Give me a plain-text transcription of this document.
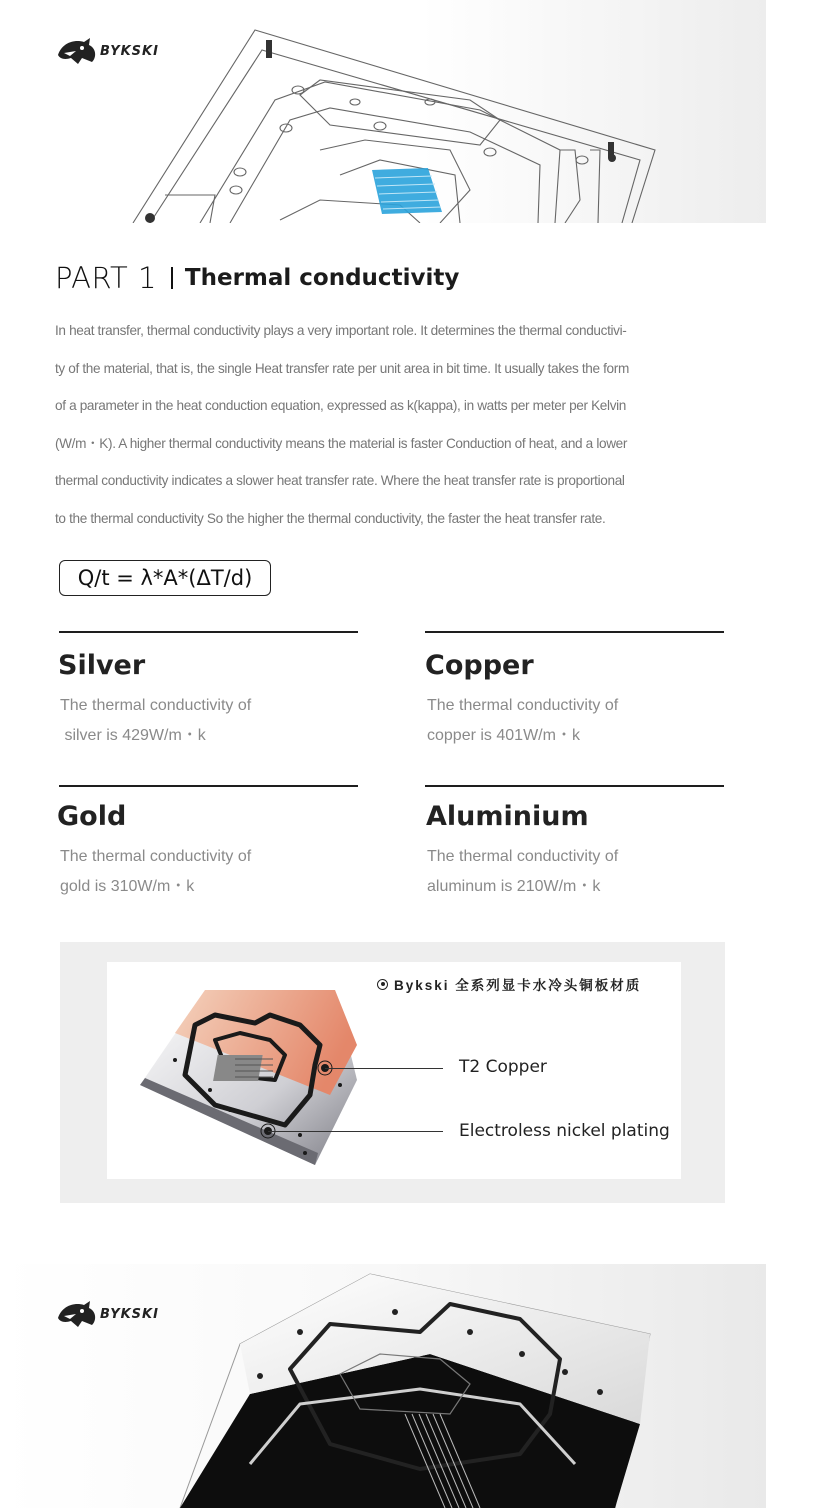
BYKSKI
PART 1 Thermal conductivity
In heat transfer, thermal conductivity plays a very important role. It determines the thermal conductivi-
ty of the material, that is, the single Heat transfer rate per unit area in bit time. It usually takes the form
of a parameter in the heat conduction equation, expressed as k(kappa), in watts per meter per Kelvin
(W/m・K). A higher thermal conductivity means the material is faster Conduction of heat, and a lower
thermal conductivity indicates a slower heat transfer rate. Where the heat transfer rate is proportional
to the thermal conductivity So the higher the thermal conductivity, the faster the heat transfer rate.
Q/t = λ*A*(ΔT/d)
Silver
The thermal conductivity of
silver is 429W/m・k
Copper
The thermal conductivity of
copper is 401W/m・k
Gold
The thermal conductivity of
gold is 310W/m・k
Aluminium
The thermal conductivity of
aluminum is 210W/m・k
Bykski 全系列显卡水冷头铜板材质
T2 Copper
Electroless nickel plating
BYKSKI
